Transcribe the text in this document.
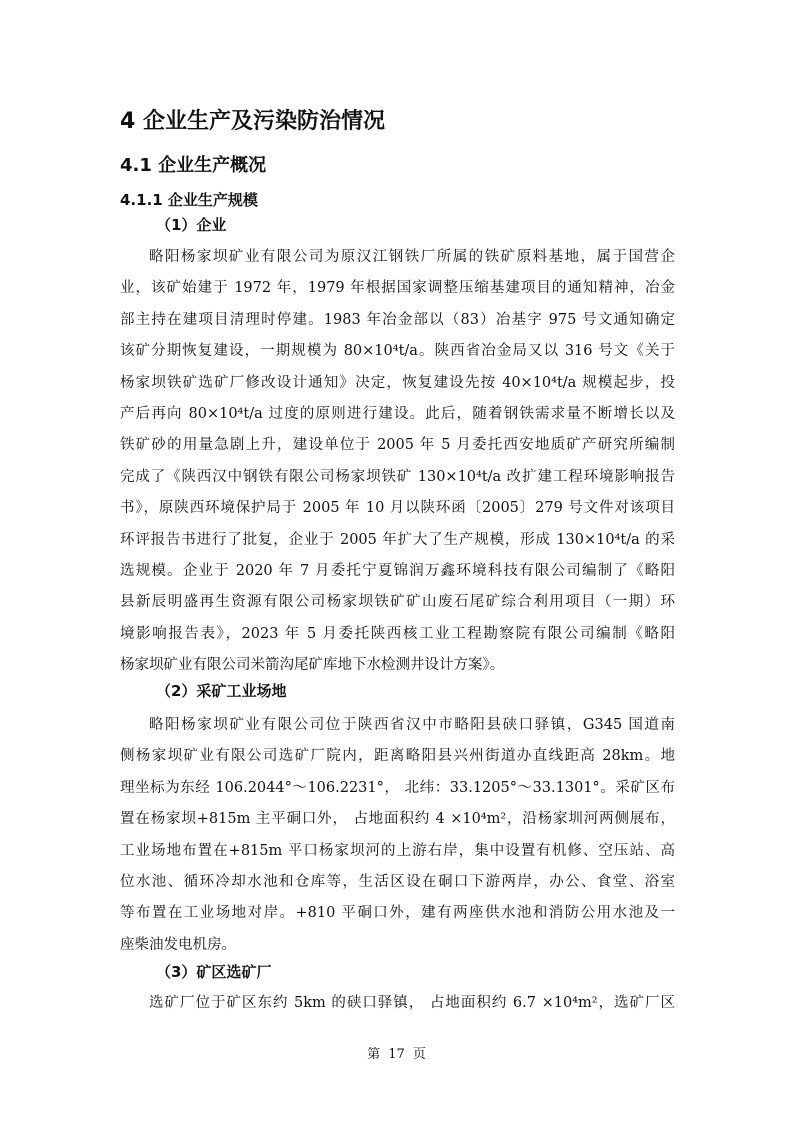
4 企业生产及污染防治情况
4.1 企业生产概况
4.1.1 企业生产规模
（1）企业
略阳杨家坝矿业有限公司为原汉江钢铁厂所属的铁矿原料基地，属于国营企
业，该矿始建于 1972 年，1979 年根据国家调整压缩基建项目的通知精神，冶金
部主持在建项目清理时停建。1983 年冶金部以（83）冶基字 975 号文通知确定
该矿分期恢复建设，一期规模为 80×10⁴t/a。陕西省冶金局又以 316 号文《关于
杨家坝铁矿选矿厂修改设计通知》决定，恢复建设先按 40×10⁴t/a 规模起步，投
产后再向 80×10⁴t/a 过度的原则进行建设。此后，随着钢铁需求量不断增长以及
铁矿砂的用量急剧上升，建设单位于 2005 年 5 月委托西安地质矿产研究所编制
完成了《陕西汉中钢铁有限公司杨家坝铁矿 130×10⁴t/a 改扩建工程环境影响报告
书》，原陕西环境保护局于 2005 年 10 月以陕环函〔2005〕279 号文件对该项目
环评报告书进行了批复，企业于 2005 年扩大了生产规模，形成 130×10⁴t/a 的采
选规模。企业于 2020 年 7 月委托宁夏锦润万鑫环境科技有限公司编制了《略阳
县新辰明盛再生资源有限公司杨家坝铁矿矿山废石尾矿综合利用项目（一期）环
境影响报告表》，2023 年 5 月委托陕西核工业工程勘察院有限公司编制《略阳
杨家坝矿业有限公司米箭沟尾矿库地下水检测井设计方案》。
（2）采矿工业场地
略阳杨家坝矿业有限公司位于陕西省汉中市略阳县硖口驿镇，G345 国道南
侧杨家坝矿业有限公司选矿厂院内，距离略阳县兴州街道办直线距高 28km。地
理坐标为东经 106.2044°～106.2231°， 北纬：33.1205°～33.1301°。采矿区布
置在杨家坝+815m 主平硐口外， 占地面积约 4 ×10⁴m²，沿杨家圳河两侧展布，
工业场地布置在+815m 平口杨家坝河的上游右岸，集中设置有机修、空压站、高
位水池、循环冷却水池和仓库等，生活区设在硐口下游两岸，办公、食堂、浴室
等布置在工业场地对岸。+810 平硐口外，建有两座供水池和消防公用水池及一
座柴油发电机房。
（3）矿区选矿厂
选矿厂位于矿区东约 5km 的硖口驿镇， 占地面积约 6.7 ×10⁴m²，选矿厂区
第 17 页
